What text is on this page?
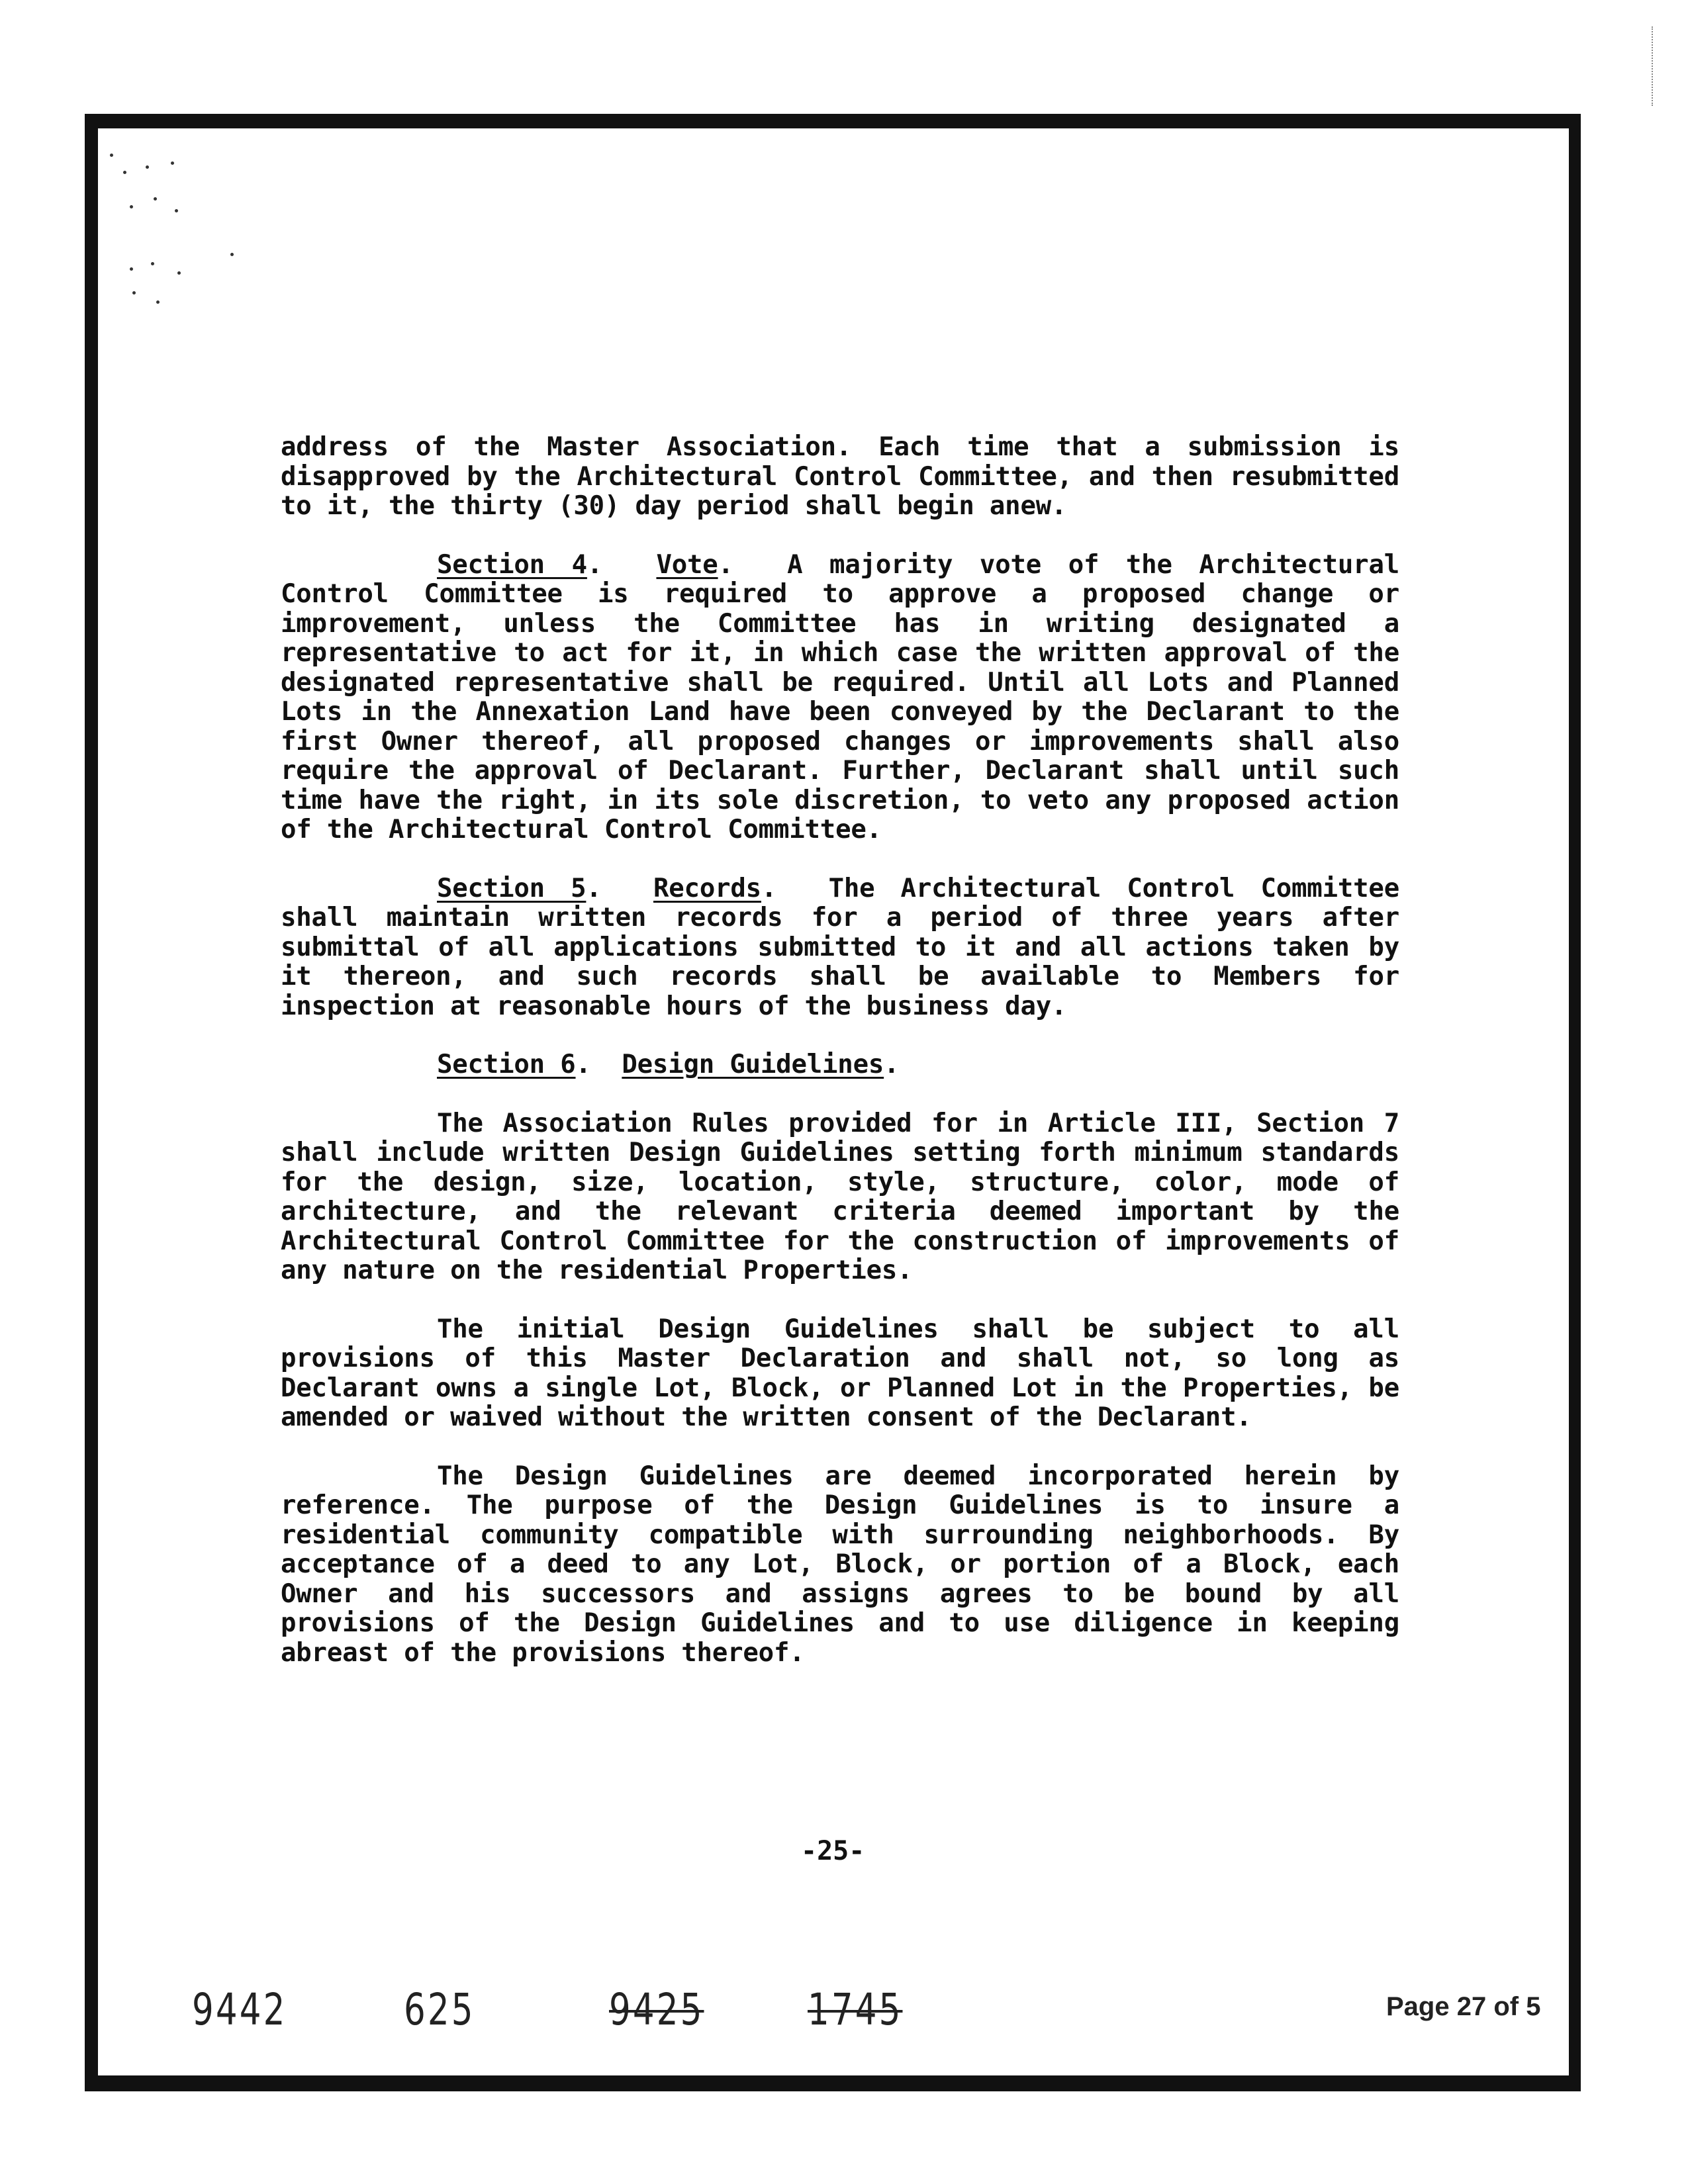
address of the Master Association. Each time that a submission is disapproved by the Architectural Control Committee, and then resubmitted to it, the thirty (30) day period shall begin anew.

Section 4.  Vote.  A majority vote of the Architectural Control Committee is required to approve a proposed change or improvement, unless the Committee has in writing designated a representative to act for it, in which case the written approval of the designated representative shall be required. Until all Lots and Planned Lots in the Annexation Land have been conveyed by the Declarant to the first Owner thereof, all proposed changes or improvements shall also require the approval of Declarant. Further, Declarant shall until such time have the right, in its sole discretion, to veto any proposed action of the Architectural Control Committee.

Section 5.  Records.  The Architectural Control Committee shall maintain written records for a period of three years after submittal of all applications submitted to it and all actions taken by it thereon, and such records shall be available to Members for inspection at reasonable hours of the business day.

Section 6.  Design Guidelines.

The Association Rules provided for in Article III, Section 7 shall include written Design Guidelines setting forth minimum standards for the design, size, location, style, structure, color, mode of architecture, and the relevant criteria deemed important by the Architectural Control Committee for the construction of improvements of any nature on the residential Properties.

The initial Design Guidelines shall be subject to all provisions of this Master Declaration and shall not, so long as Declarant owns a single Lot, Block, or Planned Lot in the Properties, be amended or waived without the written consent of the Declarant.

The Design Guidelines are deemed incorporated herein by reference. The purpose of the Design Guidelines is to insure a residential community compatible with surrounding neighborhoods. By acceptance of a deed to any Lot, Block, or portion of a Block, each Owner and his successors and assigns agrees to be bound by all provisions of the Design Guidelines and to use diligence in keeping abreast of the provisions thereof.

-25-
9442	625	9425 1745	Page 27 of 5
